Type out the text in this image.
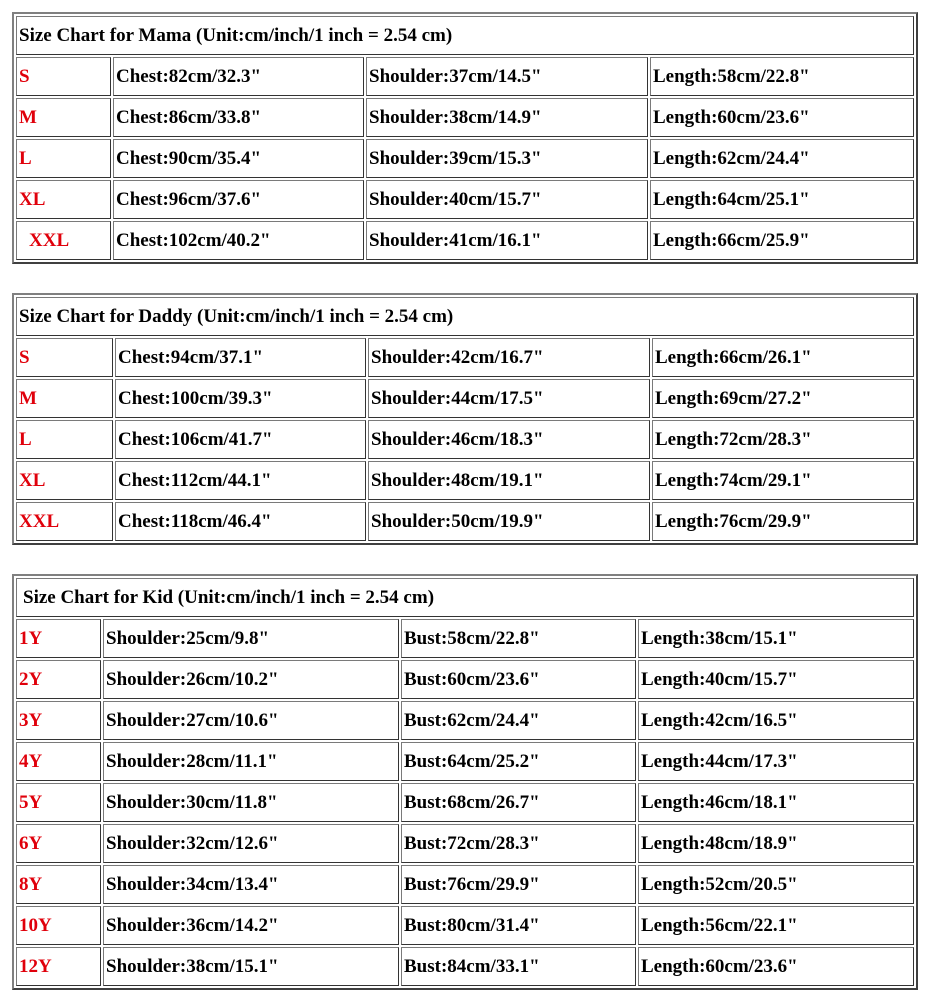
Size Chart for Mama (Unit:cm/inch/1 inch = 2.54 cm)			
S	Chest:82cm/32.3"	Shoulder:37cm/14.5"	Length:58cm/22.8"
M	Chest:86cm/33.8"	Shoulder:38cm/14.9"	Length:60cm/23.6"
L	Chest:90cm/35.4"	Shoulder:39cm/15.3"	Length:62cm/24.4"
XL	Chest:96cm/37.6"	Shoulder:40cm/15.7"	Length:64cm/25.1"
XXL	Chest:102cm/40.2"	Shoulder:41cm/16.1"	Length:66cm/25.9"
Size Chart for Daddy (Unit:cm/inch/1 inch = 2.54 cm)			
S	Chest:94cm/37.1"	Shoulder:42cm/16.7"	Length:66cm/26.1"
M	Chest:100cm/39.3"	Shoulder:44cm/17.5"	Length:69cm/27.2"
L	Chest:106cm/41.7"	Shoulder:46cm/18.3"	Length:72cm/28.3"
XL	Chest:112cm/44.1"	Shoulder:48cm/19.1"	Length:74cm/29.1"
XXL	Chest:118cm/46.4"	Shoulder:50cm/19.9"	Length:76cm/29.9"
Size Chart for Kid (Unit:cm/inch/1 inch = 2.54 cm)			
1Y	Shoulder:25cm/9.8"	Bust:58cm/22.8"	Length:38cm/15.1"
2Y	Shoulder:26cm/10.2"	Bust:60cm/23.6"	Length:40cm/15.7"
3Y	Shoulder:27cm/10.6"	Bust:62cm/24.4"	Length:42cm/16.5"
4Y	Shoulder:28cm/11.1"	Bust:64cm/25.2"	Length:44cm/17.3"
5Y	Shoulder:30cm/11.8"	Bust:68cm/26.7"	Length:46cm/18.1"
6Y	Shoulder:32cm/12.6"	Bust:72cm/28.3"	Length:48cm/18.9"
8Y	Shoulder:34cm/13.4"	Bust:76cm/29.9"	Length:52cm/20.5"
10Y	Shoulder:36cm/14.2"	Bust:80cm/31.4"	Length:56cm/22.1"
12Y	Shoulder:38cm/15.1"	Bust:84cm/33.1"	Length:60cm/23.6"
